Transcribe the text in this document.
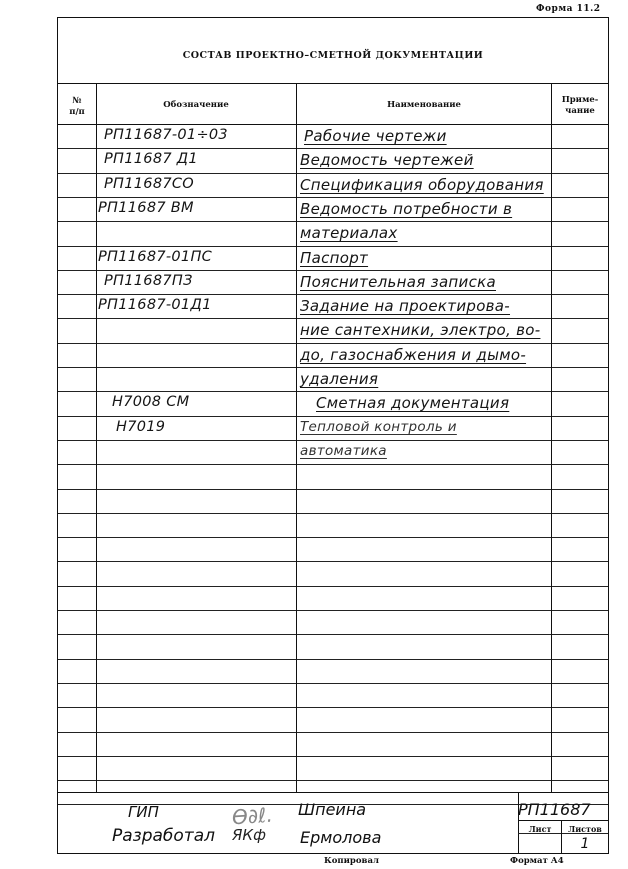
Форма 11.2
СОСТАВ ПРОЕКТНО–СМЕТНОЙ ДОКУМЕНТАЦИИ
№
п/п
Обозначение	Наименование	Приме-
чание
РП11687-01÷03	Рабочие чертежи
РП11687 Д1	Ведомость чертежей
РП11687СО	Спецификация оборудования
РП11687 ВМ	Ведомость потребности в
материалах
РП11687-01ПС	Паспорт
РП11687ПЗ	Пояснительная записка
РП11687-01Д1	Задание на проектирова-
ние сантехники, электро, во-
до, газоснабжения и дымо-
удаления
Н7008 СМ	Сметная документация
Н7019	Тепловой контроль и
автоматика
ГИП	Ѳ∂ℓ. Шпеина
Разработал ЯКф Ермолова
РП11687
Лист	Листов
1
Копировал	Формат А4
